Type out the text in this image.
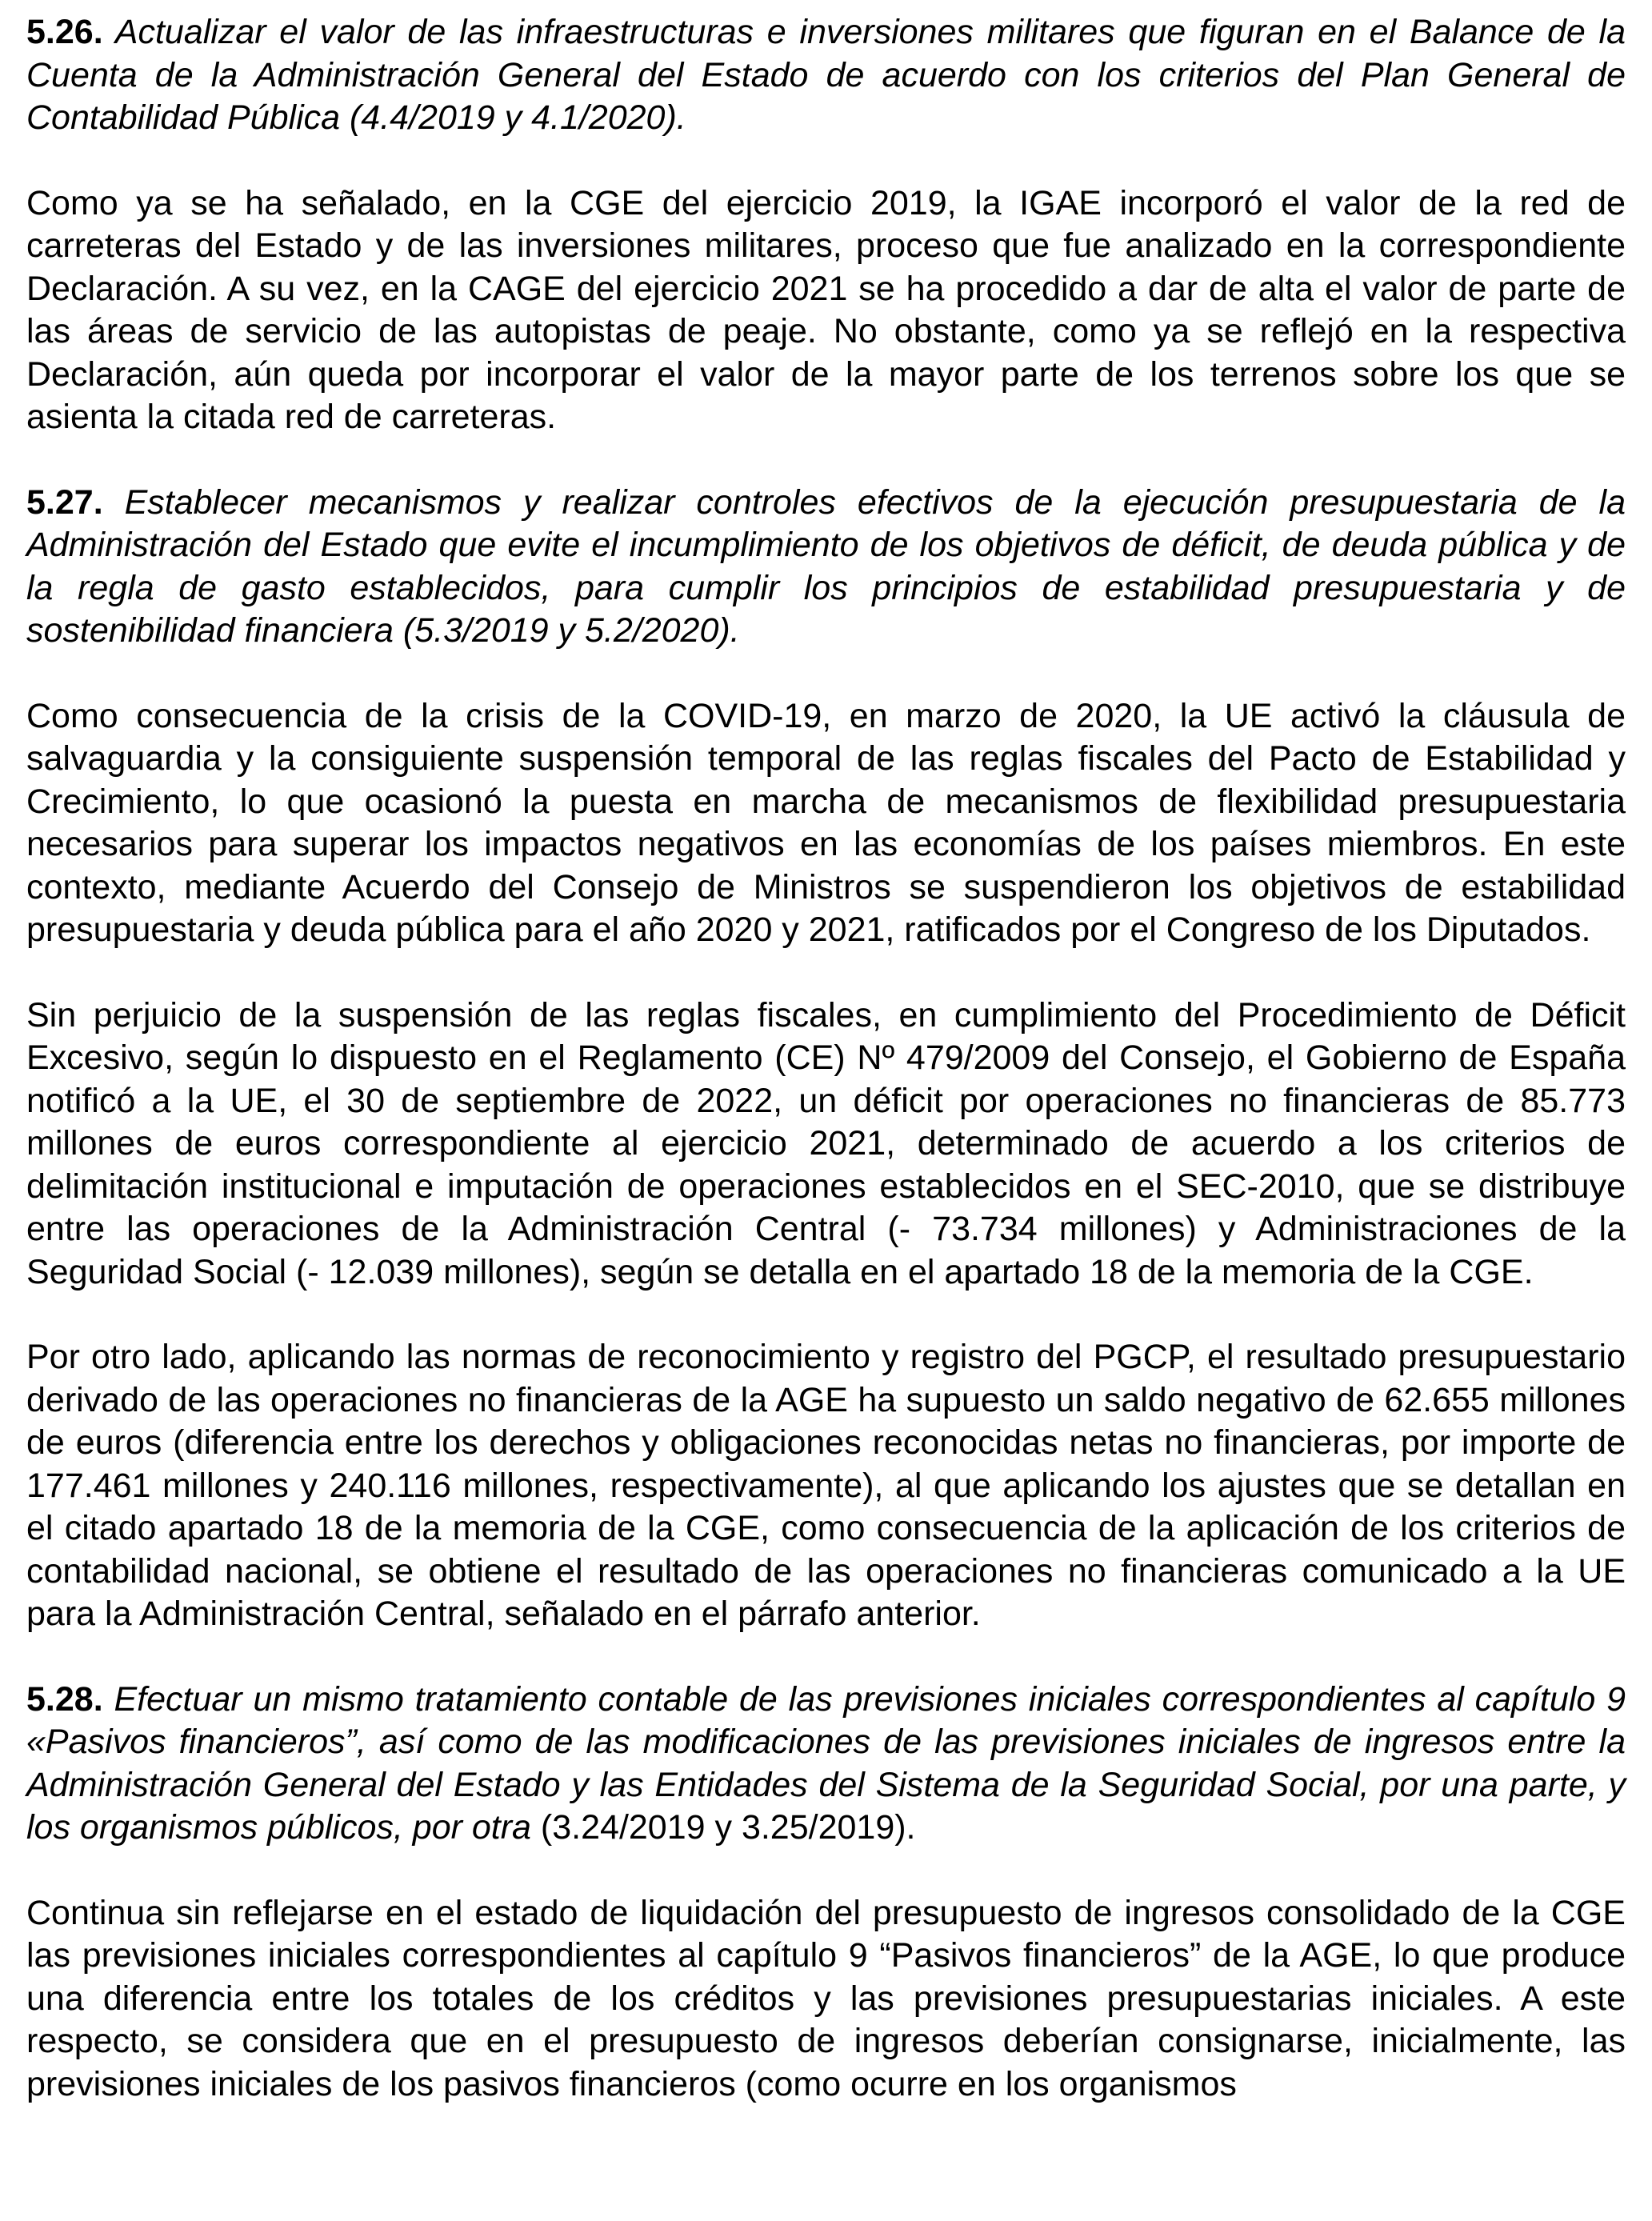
5.26. Actualizar el valor de las infraestructuras e inversiones militares que figuran en el Balance de la Cuenta de la Administración General del Estado de acuerdo con los criterios del Plan General de Contabilidad Pública (4.4/2019 y 4.1/2020).

Como ya se ha señalado, en la CGE del ejercicio 2019, la IGAE incorporó el valor de la red de carreteras del Estado y de las inversiones militares, proceso que fue analizado en la correspondiente Declaración. A su vez, en la CAGE del ejercicio 2021 se ha procedido a dar de alta el valor de parte de las áreas de servicio de las autopistas de peaje. No obstante, como ya se reflejó en la respectiva Declaración, aún queda por incorporar el valor de la mayor parte de los terrenos sobre los que se asienta la citada red de carreteras.

5.27. Establecer mecanismos y realizar controles efectivos de la ejecución presupuestaria de la Administración del Estado que evite el incumplimiento de los objetivos de déficit, de deuda pública y de la regla de gasto establecidos, para cumplir los principios de estabilidad presupuestaria y de sostenibilidad financiera (5.3/2019 y 5.2/2020).

Como consecuencia de la crisis de la COVID-19, en marzo de 2020, la UE activó la cláusula de salvaguardia y la consiguiente suspensión temporal de las reglas fiscales del Pacto de Estabilidad y Crecimiento, lo que ocasionó la puesta en marcha de mecanismos de flexibilidad presupuestaria necesarios para superar los impactos negativos en las economías de los países miembros. En este contexto, mediante Acuerdo del Consejo de Ministros se suspendieron los objetivos de estabilidad presupuestaria y deuda pública para el año 2020 y 2021, ratificados por el Congreso de los Diputados.

Sin perjuicio de la suspensión de las reglas fiscales, en cumplimiento del Procedimiento de Déficit Excesivo, según lo dispuesto en el Reglamento (CE) Nº 479/2009 del Consejo, el Gobierno de España notificó a la UE, el 30 de septiembre de 2022, un déficit por operaciones no financieras de 85.773 millones de euros correspondiente al ejercicio 2021, determinado de acuerdo a los criterios de delimitación institucional e imputación de operaciones establecidos en el SEC-2010, que se distribuye entre las operaciones de la Administración Central (- 73.734 millones) y Administraciones de la Seguridad Social (- 12.039 millones), según se detalla en el apartado 18 de la memoria de la CGE.

Por otro lado, aplicando las normas de reconocimiento y registro del PGCP, el resultado presupuestario derivado de las operaciones no financieras de la AGE ha supuesto un saldo negativo de 62.655 millones de euros (diferencia entre los derechos y obligaciones reconocidas netas no financieras, por importe de 177.461 millones y 240.116 millones, respectivamente), al que aplicando los ajustes que se detallan en el citado apartado 18 de la memoria de la CGE, como consecuencia de la aplicación de los criterios de contabilidad nacional, se obtiene el resultado de las operaciones no financieras comunicado a la UE para la Administración Central, señalado en el párrafo anterior.

5.28. Efectuar un mismo tratamiento contable de las previsiones iniciales correspondientes al capítulo 9 «Pasivos financieros”, así como de las modificaciones de las previsiones iniciales de ingresos entre la Administración General del Estado y las Entidades del Sistema de la Seguridad Social, por una parte, y los organismos públicos, por otra (3.24/2019 y 3.25/2019).

Continua sin reflejarse en el estado de liquidación del presupuesto de ingresos consolidado de la CGE las previsiones iniciales correspondientes al capítulo 9 “Pasivos financieros” de la AGE, lo que produce una diferencia entre los totales de los créditos y las previsiones presupuestarias iniciales. A este respecto, se considera que en el presupuesto de ingresos deberían consignarse, inicialmente, las previsiones iniciales de los pasivos financieros (como ocurre en los organismos
